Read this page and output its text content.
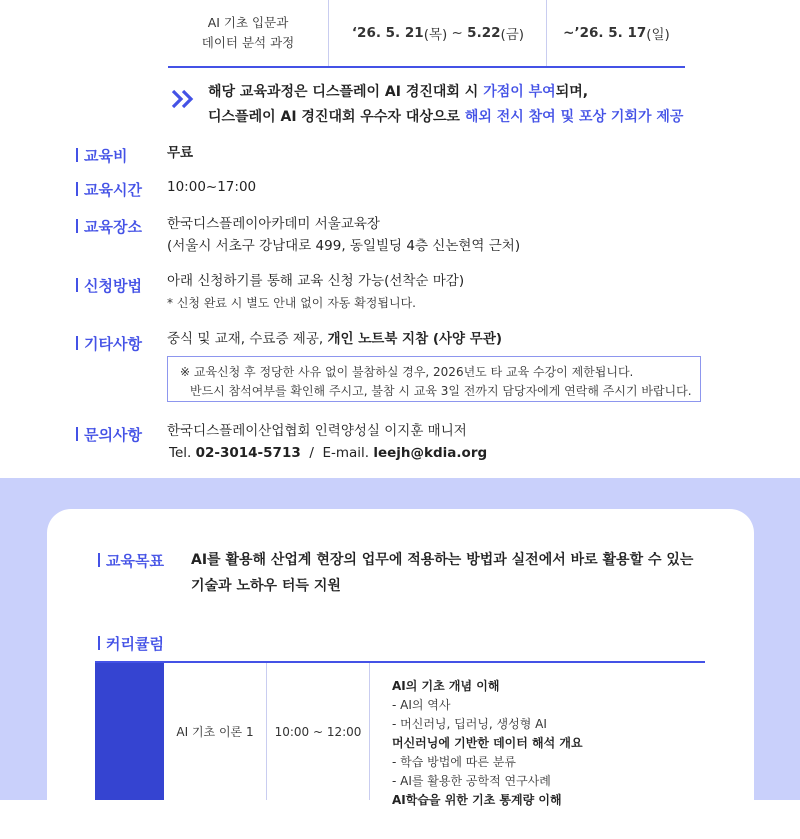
AI 기초 입문과
데이터 분석 과정
‘26. 5. 21 (목) ~ 5.22 (금)	~’26. 5. 17 (일)
해당 교육과정은 디스플레이 AI 경진대회 시 가점이 부여되며,
디스플레이 AI 경진대회 우수자 대상으로 해외 전시 참여 및 포상 기회가 제공
교육비	무료
교육시간 10:00~17:00
교육장소 한국디스플레이아카데미 서울교육장
(서울시 서초구 강남대로 499, 동일빌딩 4층 신논현역 근처)
신청방법 아래 신청하기를 통해 교육 신청 가능(선착순 마감)
* 신청 완료 시 별도 안내 없이 자동 확정됩니다.
기타사항 중식 및 교재, 수료증 제공, 개인 노트북 지참 (사양 무관)
※ 교육신청 후 정당한 사유 없이 불참하실 경우, 2026년도 타 교육 수강이 제한됩니다.
반드시 참석여부를 확인해 주시고, 불참 시 교육 3일 전까지 담당자에게 연락해 주시기 바랍니다.
문의사항 한국디스플레이산업협회 인력양성실 이지훈 매니저
Tel. 02-3014-5713  /  E-mail. leejh@kdia.org
교육목표 AI를 활용해 산업계 현장의 업무에 적용하는 방법과 실전에서 바로 활용할 수 있는
기술과 노하우 터득 지원
커리큘럼
AI 기초 이론 1	10:00 ~ 12:00
AI의 기초 개념 이해
- AI의 역사
- 머신러닝, 딥러닝, 생성형 AI
머신러닝에 기반한 데이터 해석 개요
- 학습 방법에 따른 분류
- AI를 활용한 공학적 연구사례
AI학습을 위한 기초 통계량 이해
